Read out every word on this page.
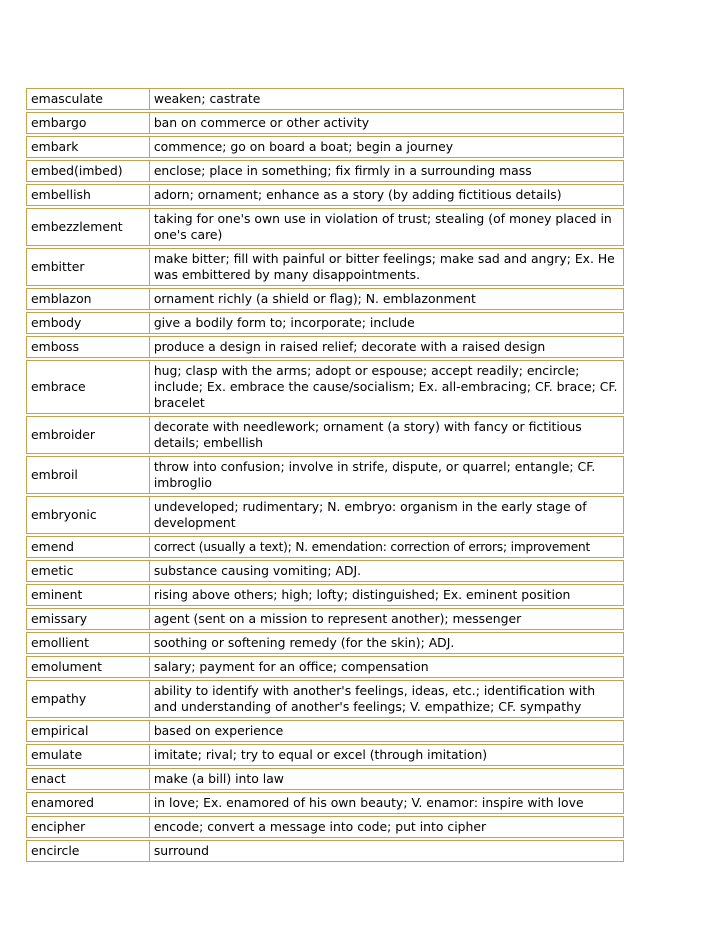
emasculate	weaken; castrate
embargo	ban on commerce or other activity
embark	commence; go on board a boat; begin a journey
embed(imbed)	enclose; place in something; fix firmly in a surrounding mass
embellish	adorn; ornament; enhance as a story (by adding fictitious details)
embezzlement	taking for one's own use in violation of trust; stealing (of money placed in one's care)
embitter	make bitter; fill with painful or bitter feelings; make sad and angry; Ex. He was embittered by many disappointments.
emblazon	ornament richly (a shield or flag); N. emblazonment
embody	give a bodily form to; incorporate; include
emboss	produce a design in raised relief; decorate with a raised design
embrace	hug; clasp with the arms; adopt or espouse; accept readily; encircle; include; Ex. embrace the cause/socialism; Ex. all-embracing; CF. brace; CF. bracelet
embroider	decorate with needlework; ornament (a story) with fancy or fictitious details; embellish
embroil	throw into confusion; involve in strife, dispute, or quarrel; entangle; CF. imbroglio
embryonic	undeveloped; rudimentary; N. embryo: organism in the early stage of development
emend	correct (usually a text); N. emendation: correction of errors; improvement
emetic	substance causing vomiting; ADJ.
eminent	rising above others; high; lofty; distinguished; Ex. eminent position
emissary	agent (sent on a mission to represent another); messenger
emollient	soothing or softening remedy (for the skin); ADJ.
emolument	salary; payment for an office; compensation
empathy	ability to identify with another's feelings, ideas, etc.; identification with and understanding of another's feelings; V. empathize; CF. sympathy
empirical	based on experience
emulate	imitate; rival; try to equal or excel (through imitation)
enact	make (a bill) into law
enamored	in love; Ex. enamored of his own beauty; V. enamor: inspire with love
encipher	encode; convert a message into code; put into cipher
encircle	surround
